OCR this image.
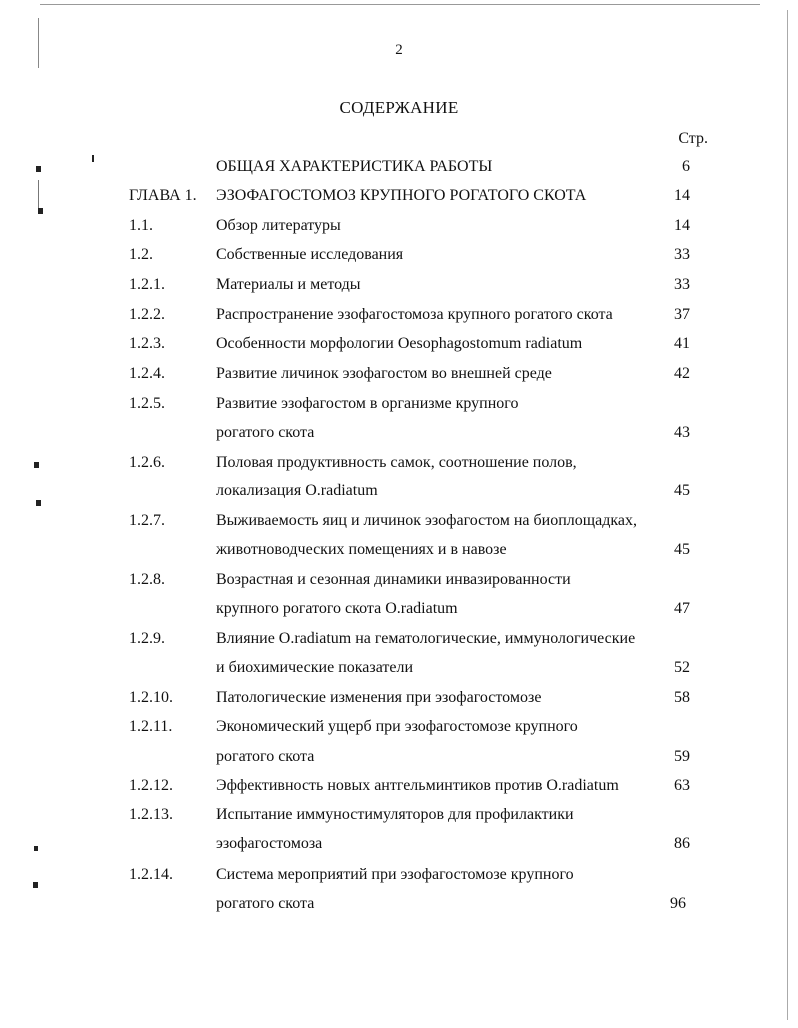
2
СОДЕРЖАНИЕ
Стр.
ОБЩАЯ ХАРАКТЕРИСТИКА РАБОТЫ	6
ГЛАВА 1. ЭЗОФАГОСТОМОЗ КРУПНОГО РОГАТОГО СКОТА	14
1.1.	Обзор литературы	14
1.2.	Собственные исследования	33
1.2.1.	Материалы и методы	33
1.2.2.	Распространение эзофагостомоза крупного рогатого скота	37
1.2.3.	Особенности морфологии Oesophagostomum radiatum	41
1.2.4.	Развитие личинок эзофагостом во внешней среде	42
1.2.5.	Развитие эзофагостом в организме крупного
рогатого скота	43
1.2.6.	Половая продуктивность самок, соотношение полов,
локализация O.radiatum	45
1.2.7.	Выживаемость яиц и личинок эзофагостом на биоплощадках,
животноводческих помещениях и в навозе	45
1.2.8.	Возрастная и сезонная динамики инвазированности
крупного рогатого скота O.radiatum	47
1.2.9.	Влияние O.radiatum на гематологические, иммунологические
и биохимические показатели	52
1.2.10.	Патологические изменения при эзофагостомозе	58
1.2.11.	Экономический ущерб при эзофагостомозе крупного
рогатого скота	59
1.2.12.	Эффективность новых антгельминтиков против O.radiatum	63
1.2.13.	Испытание иммуностимуляторов для профилактики
эзофагостомоза	86
1.2.14.	Система мероприятий при эзофагостомозе крупного
рогатого скота	96
